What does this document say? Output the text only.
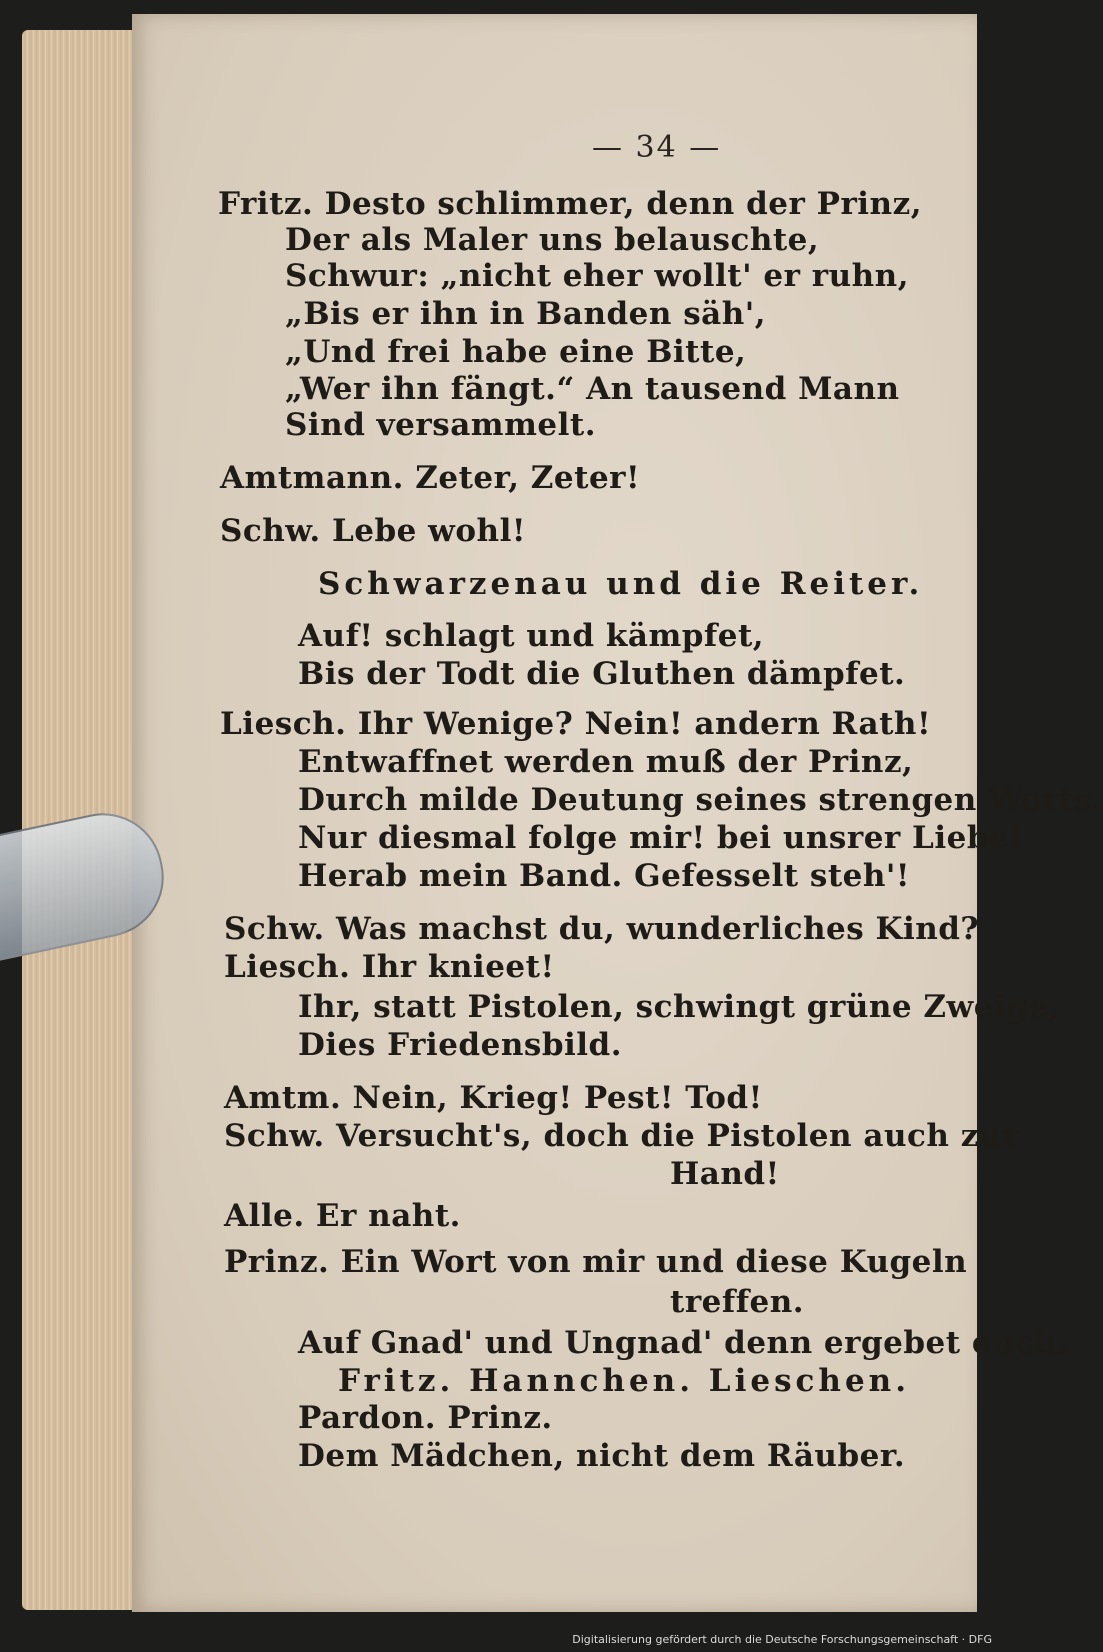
— 34 —
Fritz. Desto schlimmer, denn der Prinz,
Der als Maler uns belauschte,
Schwur: „nicht eher wollt' er ruhn,
„Bis er ihn in Banden säh',
„Und frei habe eine Bitte,
„Wer ihn fängt.“ An tausend Mann
Sind versammelt.
Amtmann. Zeter, Zeter!
Schw. Lebe wohl!
Schwarzenau und die Reiter.
Auf! schlagt und kämpfet,
Bis der Todt die Gluthen dämpfet.
Liesch. Ihr Wenige? Nein! andern Rath!
Entwaffnet werden muß der Prinz,
Durch milde Deutung seines strengen Worts.
Nur diesmal folge mir! bei unsrer Liebe!
Herab mein Band. Gefesselt steh'!
Schw. Was machst du, wunderliches Kind?
Liesch. Ihr knieet!
Ihr, statt Pistolen, schwingt grüne Zweige,
Dies Friedensbild.
Amtm. Nein, Krieg! Pest! Tod!
Schw. Versucht's, doch die Pistolen auch zur
Hand!
Alle. Er naht.
Prinz. Ein Wort von mir und diese Kugeln
treffen.
Auf Gnad' und Ungnad' denn ergebet euch.
Fritz. Hannchen. Lieschen.
Pardon. Prinz.
Dem Mädchen, nicht dem Räuber.
Digitalisierung gefördert durch die Deutsche Forschungsgemeinschaft · DFG
